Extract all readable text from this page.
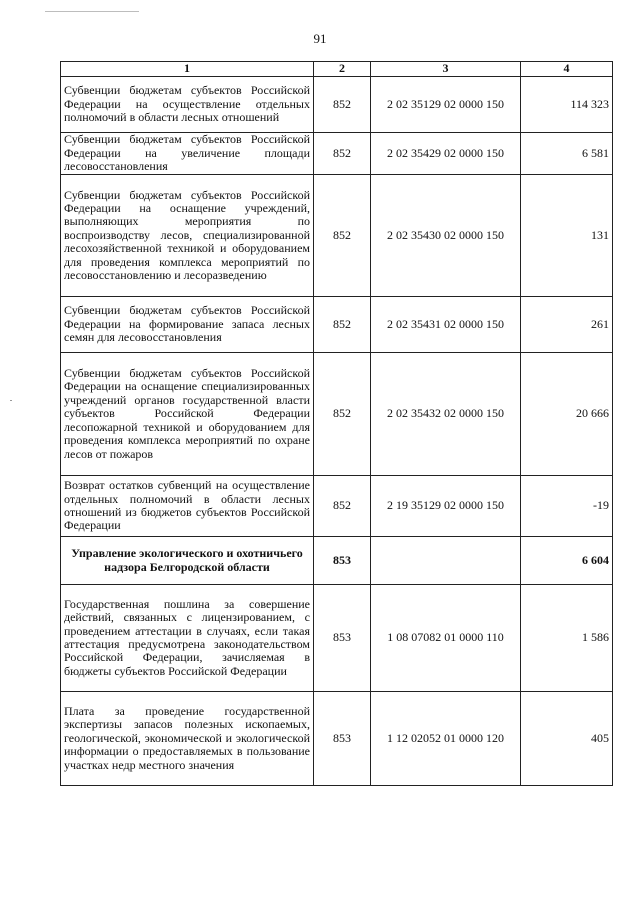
91
1	2	3	4
Субвенции бюджетам субъектов Российской Федерации на осуществление отдельных полномочий в области лесных отношений	852	2 02 35129 02 0000 150	114 323
Субвенции бюджетам субъектов Российской Федерации на увеличение площади лесовосстановления	852	2 02 35429 02 0000 150	6 581
Субвенции бюджетам субъектов Российской Федерации на оснащение учреждений, выполняющих мероприятия по воспроизводству лесов, специализированной лесохозяйственной техникой и оборудованием для проведения комплекса мероприятий по лесовосстановлению и лесоразведению	852	2 02 35430 02 0000 150	131
Субвенции бюджетам субъектов Российской Федерации на формирование запаса лесных семян для лесовосстановления	852	2 02 35431 02 0000 150	261
Субвенции бюджетам субъектов Российской Федерации на оснащение специализированных учреждений органов государственной власти субъектов Российской Федерации лесопожарной техникой и оборудованием для проведения комплекса мероприятий по охране лесов от пожаров	852	2 02 35432 02 0000 150	20 666
Возврат остатков субвенций на осуществление отдельных полномочий в области лесных отношений из бюджетов субъектов Российской Федерации	852	2 19 35129 02 0000 150	-19
Управление экологического и охотничьего надзора Белгородской области	853		6 604
Государственная пошлина за совершение действий, связанных с лицензированием, с проведением аттестации в случаях, если такая аттестация предусмотрена законодательством Российской Федерации, зачисляемая в бюджеты субъектов Российской Федерации	853	1 08 07082 01 0000 110	1 586
Плата за проведение государственной экспертизы запасов полезных ископаемых, геологической, экономической и экологической информации о предоставляемых в пользование участках недр местного значения	853	1 12 02052 01 0000 120	405
